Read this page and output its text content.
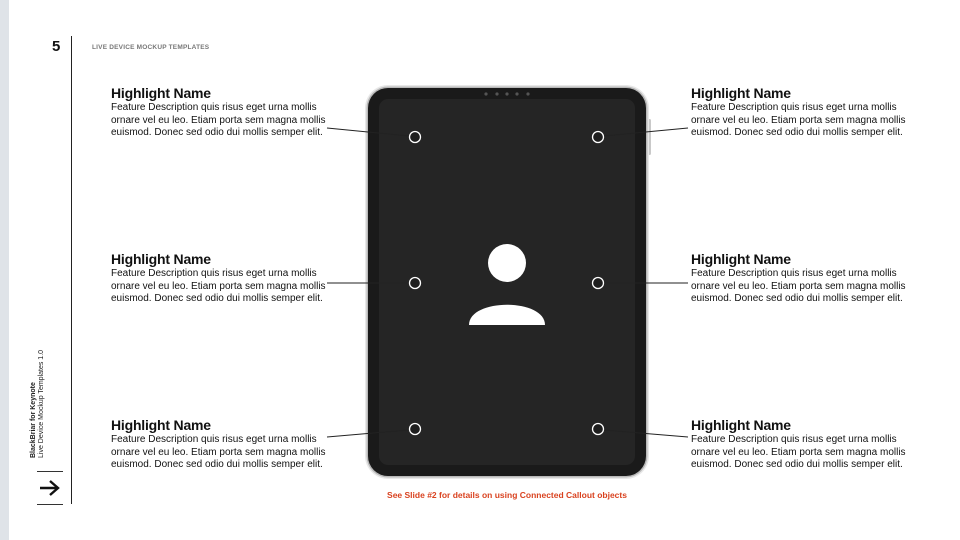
5	LIVE DEVICE MOCKUP TEMPLATES
BlackBriar for Keynote Live Device Mockup Templates 1.0
Highlight Name

Feature Description quis risus eget urna mollis ornare vel eu leo. Etiam porta sem magna mollis euismod. Donec sed odio dui mollis semper elit.

Highlight Name

Feature Description quis risus eget urna mollis ornare vel eu leo. Etiam porta sem magna mollis euismod. Donec sed odio dui mollis semper elit.

Highlight Name

Feature Description quis risus eget urna mollis ornare vel eu leo. Etiam porta sem magna mollis euismod. Donec sed odio dui mollis semper elit.

Highlight Name

Feature Description quis risus eget urna mollis ornare vel eu leo. Etiam porta sem magna mollis euismod. Donec sed odio dui mollis semper elit.

Highlight Name

Feature Description quis risus eget urna mollis ornare vel eu leo. Etiam porta sem magna mollis euismod. Donec sed odio dui mollis semper elit.

Highlight Name

Feature Description quis risus eget urna mollis ornare vel eu leo. Etiam porta sem magna mollis euismod. Donec sed odio dui mollis semper elit.

See Slide #2 for details on using Connected Callout objects
